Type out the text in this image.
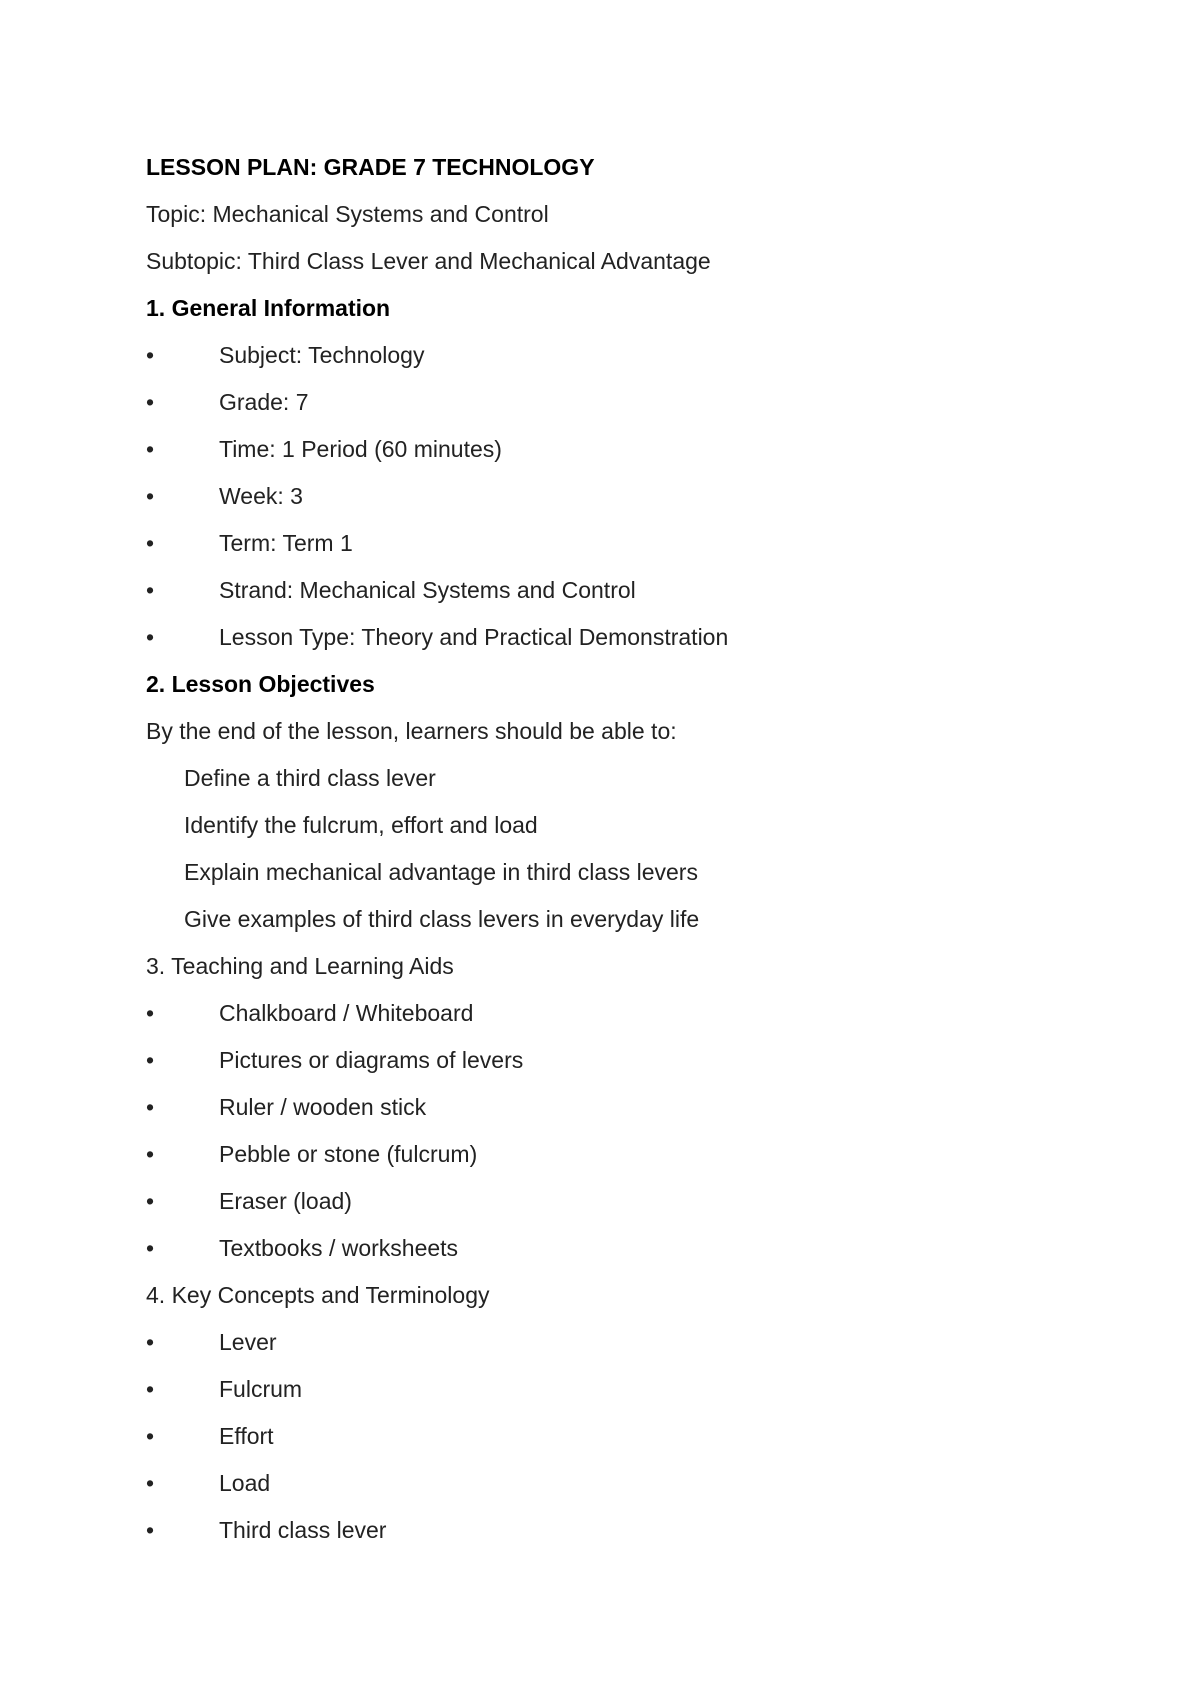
LESSON PLAN: GRADE 7 TECHNOLOGY
Topic: Mechanical Systems and Control
Subtopic: Third Class Lever and Mechanical Advantage
1. General Information
•	Subject: Technology
•	Grade: 7
•	Time: 1 Period (60 minutes)
•	Week: 3
•	Term: Term 1
•	Strand: Mechanical Systems and Control
•	Lesson Type: Theory and Practical Demonstration
2. Lesson Objectives
By the end of the lesson, learners should be able to:
Define a third class lever
Identify the fulcrum, effort and load
Explain mechanical advantage in third class levers
Give examples of third class levers in everyday life
3. Teaching and Learning Aids
•	Chalkboard / Whiteboard
•	Pictures or diagrams of levers
•	Ruler / wooden stick
•	Pebble or stone (fulcrum)
•	Eraser (load)
•	Textbooks / worksheets
4. Key Concepts and Terminology
•	Lever
•	Fulcrum
•	Effort
•	Load
•	Third class lever
